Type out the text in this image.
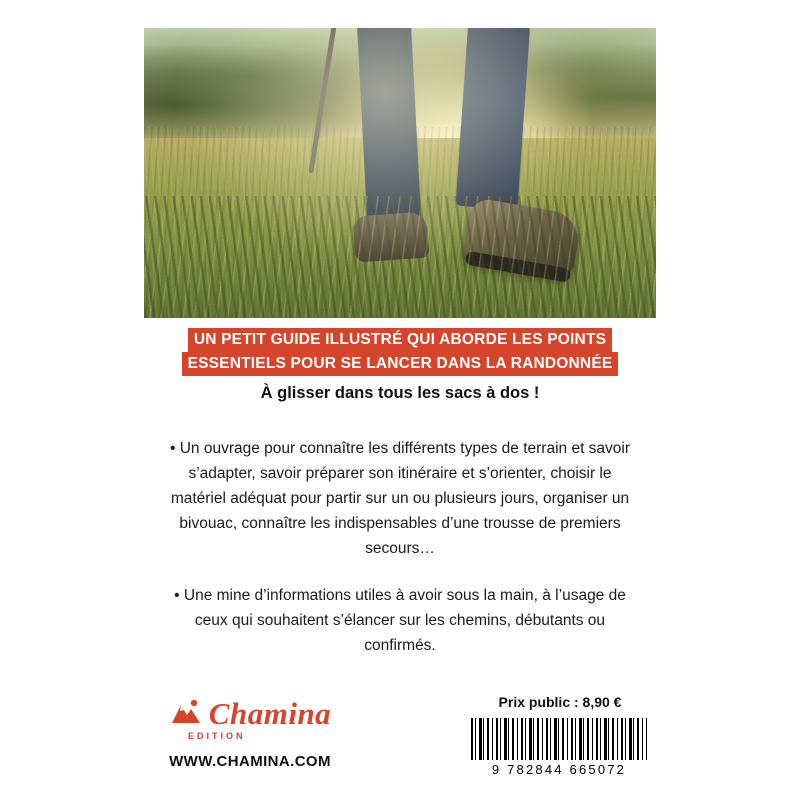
UN PETIT GUIDE ILLUSTRÉ QUI ABORDE LES POINTS
ESSENTIELS POUR SE LANCER DANS LA RANDONNÉE
À glisser dans tous les sacs à dos !

• Un ouvrage pour connaître les différents types de terrain et savoir s’adapter, savoir préparer son itinéraire et s’orienter, choisir le matériel adéquat pour partir sur un ou plusieurs jours, organiser un bivouac, connaître les indispensables d’une trousse de premiers secours…

• Une mine d’informations utiles à avoir sous la main, à l’usage de ceux qui souhaitent s’élancer sur les chemins, débutants ou confirmés.

Chamina
EDITION
WWW.CHAMINA.COM
Prix public : 8,90 €
9 782844 665072
